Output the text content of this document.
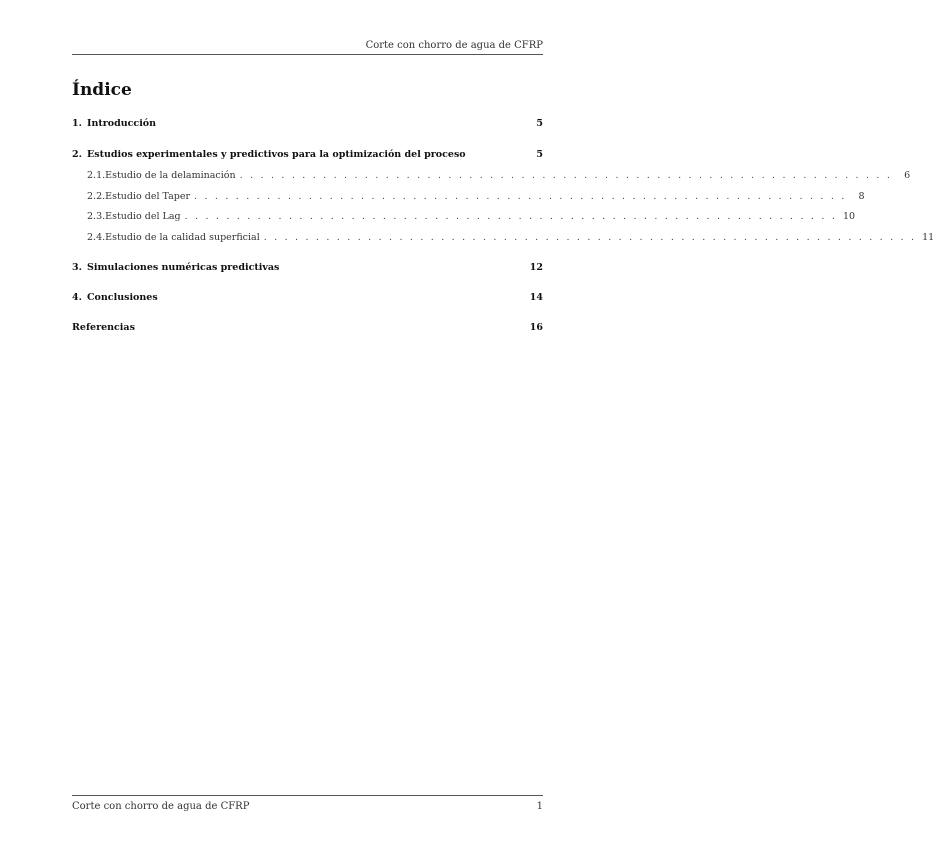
Corte con chorro de agua de CFRP
Índice
1. Introducción	5
2. Estudios experimentales y predictivos para la optimización del proceso	5
2.1. Estudio de la delaminación . . . . . . . . . . . . . . . . . . . . . . . . . . . . . . . . . . . . . . . . . . . . . . . . . . . . . . . . . . . . . . .	6
2.2. Estudio del Taper . . . . . . . . . . . . . . . . . . . . . . . . . . . . . . . . . . . . . . . . . . . . . . . . . . . . . . . . . . . . . . .	8
2.3. Estudio del Lag . . . . . . . . . . . . . . . . . . . . . . . . . . . . . . . . . . . . . . . . . . . . . . . . . . . . . . . . . . . . . . . 10
2.4. Estudio de la calidad superficial . . . . . . . . . . . . . . . . . . . . . . . . . . . . . . . . . . . . . . . . . . . . . . . . . . . . . . . . . . . . . . . 11
3. Simulaciones numéricas predictivas	12
4. Conclusiones	14
Referencias	16
Corte con chorro de agua de CFRP	1
